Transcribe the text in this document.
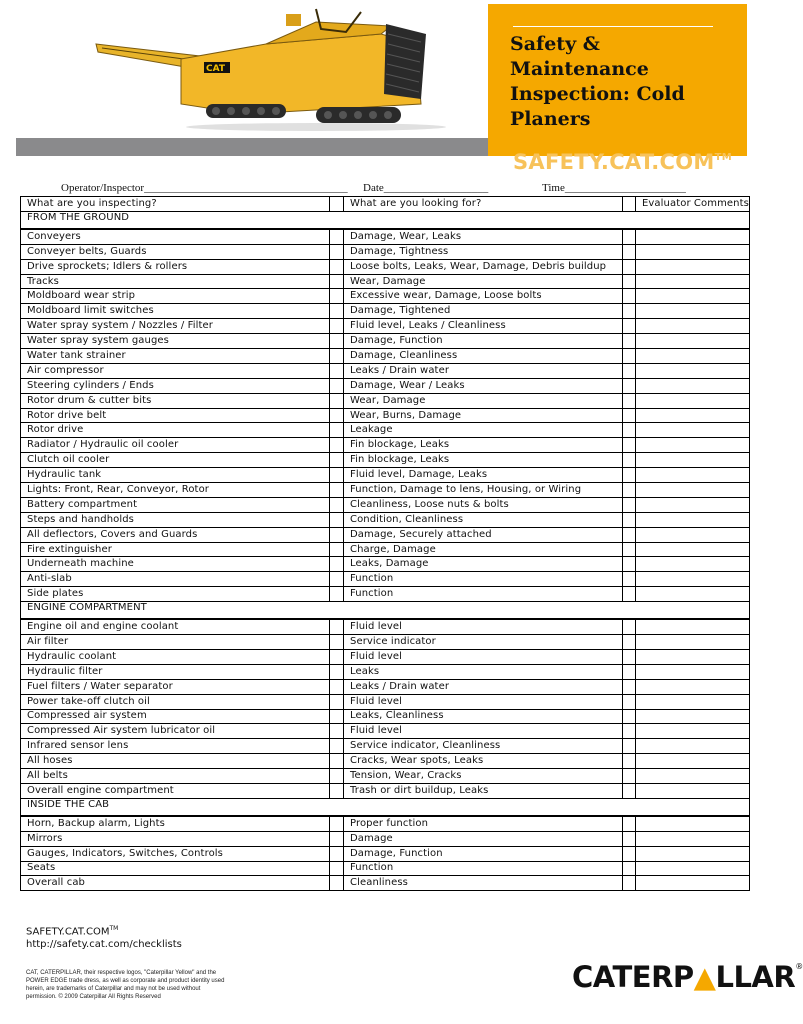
CAT
Safety & Maintenance
Inspection: Cold
Planers
SAFETY.CAT.COM™
Operator/Inspector_____________________________________ Date___________________	Time______________________
What are you inspecting?		What are you looking for?		Evaluator Comments
FROM THE GROUND				

Conveyers		Damage, Wear, Leaks		
Conveyer belts, Guards		Damage, Tightness		
Drive sprockets; Idlers & rollers		Loose bolts, Leaks, Wear, Damage, Debris buildup		
Tracks		Wear, Damage		
Moldboard wear strip		Excessive wear, Damage, Loose bolts		
Moldboard limit switches		Damage, Tightened		
Water spray system / Nozzles / Filter		Fluid level, Leaks / Cleanliness		
Water spray system gauges		Damage, Function		
Water tank strainer		Damage, Cleanliness		
Air compressor		Leaks / Drain water		
Steering cylinders / Ends		Damage, Wear / Leaks		
Rotor drum & cutter bits		Wear, Damage		
Rotor drive belt		Wear, Burns, Damage		
Rotor drive		Leakage		
Radiator / Hydraulic oil cooler		Fin blockage, Leaks		
Clutch oil cooler		Fin blockage, Leaks		
Hydraulic tank		Fluid level, Damage, Leaks		
Lights: Front, Rear, Conveyor, Rotor		Function, Damage to lens, Housing, or Wiring		
Battery compartment		Cleanliness, Loose nuts & bolts		
Steps and handholds		Condition, Cleanliness		
All deflectors, Covers and Guards		Damage, Securely attached		
Fire extinguisher		Charge, Damage		
Underneath machine		Leaks, Damage		
Anti-slab		Function		
Side plates		Function		
ENGINE COMPARTMENT				

Engine oil and engine coolant		Fluid level		
Air filter		Service indicator		
Hydraulic coolant		Fluid level		
Hydraulic filter		Leaks		
Fuel filters / Water separator		Leaks / Drain water		
Power take-off clutch oil		Fluid level		
Compressed air system		Leaks, Cleanliness		
Compressed Air system lubricator oil		Fluid level		
Infrared sensor lens		Service indicator, Cleanliness		
All hoses		Cracks, Wear spots, Leaks		
All belts		Tension, Wear, Cracks		
Overall engine compartment		Trash or dirt buildup, Leaks		
INSIDE THE CAB				

Horn, Backup alarm, Lights		Proper function		
Mirrors		Damage		
Gauges, Indicators, Switches, Controls		Damage, Function		
Seats		Function		
Overall cab		Cleanliness		
SAFETY.CAT.COM™
http://safety.cat.com/checklists
CAT, CATERPILLAR, their respective logos, "Caterpillar Yellow" and the POWER EDGE trade dress, as well as corporate and product identity used herein, are trademarks of Caterpillar and may not be used without permission. © 2009 Caterpillar All Rights Reserved
CATERP▲LLAR®
